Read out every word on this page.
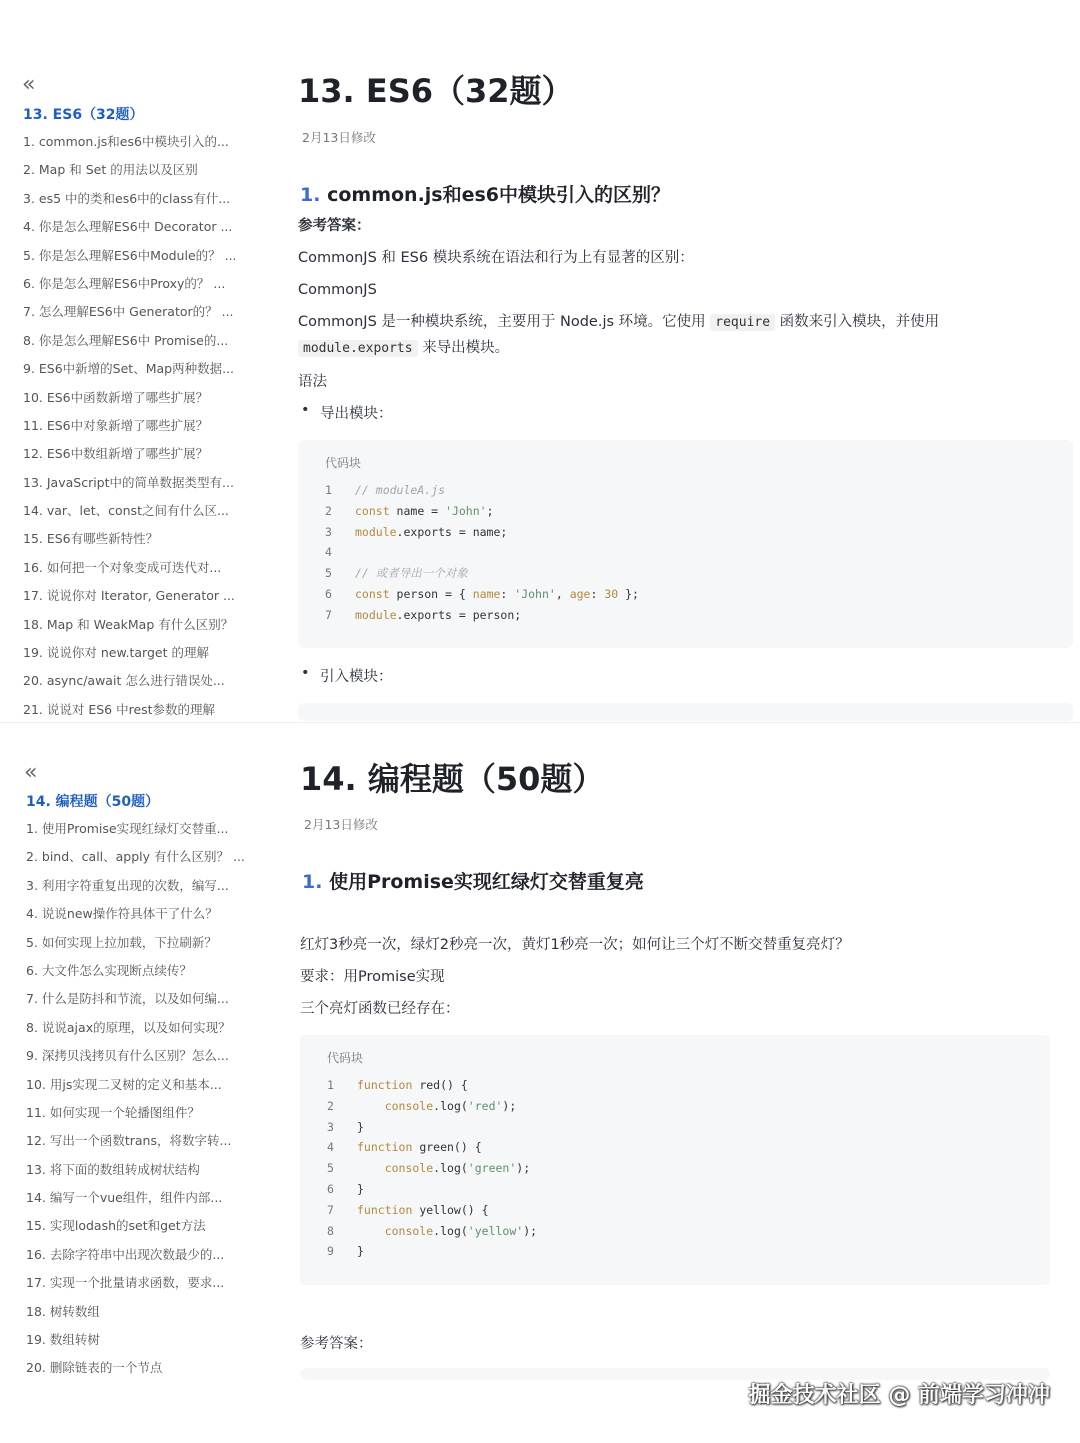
«
13. ES6（32题）
1. common.js和es6中模块引入的...
2. Map 和 Set 的用法以及区别
3. es5 中的类和es6中的class有什...
4. 你是怎么理解ES6中 Decorator ...
5. 你是怎么理解ES6中Module的？ ...
6. 你是怎么理解ES6中Proxy的？ ...
7. 怎么理解ES6中 Generator的？ ...
8. 你是怎么理解ES6中 Promise的...
9. ES6中新增的Set、Map两种数据...
10. ES6中函数新增了哪些扩展？
11. ES6中对象新增了哪些扩展？
12. ES6中数组新增了哪些扩展？
13. JavaScript中的简单数据类型有...
14. var、let、const之间有什么区...
15. ES6有哪些新特性？
16. 如何把一个对象变成可迭代对...
17. 说说你对 Iterator, Generator ...
18. Map 和 WeakMap 有什么区别？
19. 说说你对 new.target 的理解
20. async/await 怎么进行错误处...
21. 说说对 ES6 中rest参数的理解
13. ES6（32题）
2月13日修改
1. common.js和es6中模块引入的区别？

参考答案：

CommonJS 和 ES6 模块系统在语法和行为上有显著的区别：

CommonJS

CommonJS 是一种模块系统，主要用于 Node.js 环境。它使用 require 函数来引入模块，并使用

module.exports 来导出模块。

语法

• 导出模块：
代码块
1 // moduleA.js
2 const name = 'John';
3 module.exports = name;
4
5 // 或者导出一个对象
6 const person = { name: 'John', age: 30 };
7 module.exports = person;
• 引入模块：
«
14. 编程题（50题）
1. 使用Promise实现红绿灯交替重...
2. bind、call、apply 有什么区别？ ...
3. 利用字符重复出现的次数，编写...
4. 说说new操作符具体干了什么？
5. 如何实现上拉加载，下拉刷新？
6. 大文件怎么实现断点续传？
7. 什么是防抖和节流，以及如何编...
8. 说说ajax的原理，以及如何实现？
9. 深拷贝浅拷贝有什么区别？怎么...
10. 用js实现二叉树的定义和基本...
11. 如何实现一个轮播图组件？
12. 写出一个函数trans，将数字转...
13. 将下面的数组转成树状结构
14. 编写一个vue组件，组件内部...
15. 实现lodash的set和get方法
16. 去除字符串中出现次数最少的...
17. 实现一个批量请求函数，要求...
18. 树转数组
19. 数组转树
20. 删除链表的一个节点
14. 编程题（50题）
2月13日修改
1. 使用Promise实现红绿灯交替重复亮

红灯3秒亮一次，绿灯2秒亮一次，黄灯1秒亮一次；如何让三个灯不断交替重复亮灯？

要求：用Promise实现

三个亮灯函数已经存在：

代码块
1 function red() {
2    console.log('red');
3 }
4 function green() {
5    console.log('green');
6 }
7 function yellow() {
8    console.log('yellow');
9 }

参考答案：

掘金技术社区 @ 前端学习冲冲
